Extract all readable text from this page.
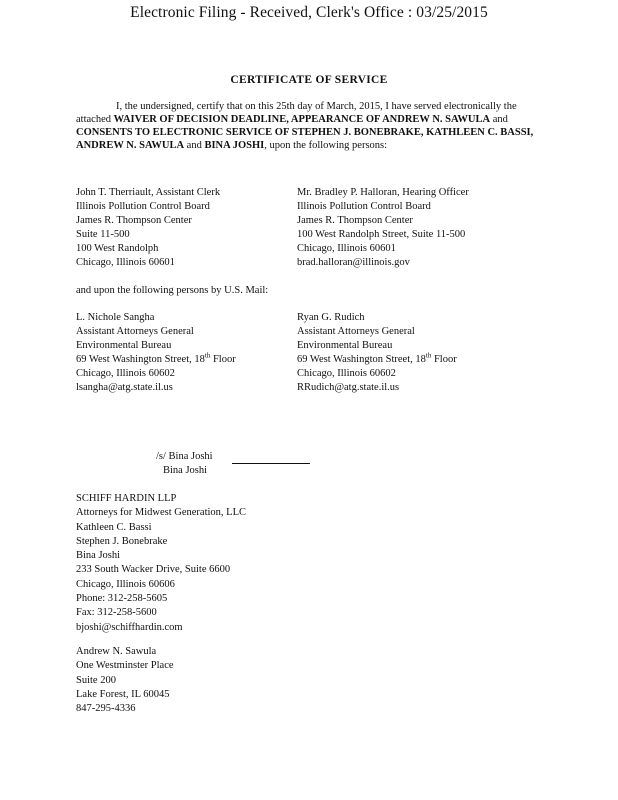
Electronic Filing - Received, Clerk's Office : 03/25/2015
CERTIFICATE OF SERVICE

I, the undersigned, certify that on this 25th day of March, 2015, I have served electronically the attached WAIVER OF DECISION DEADLINE, APPEARANCE OF ANDREW N. SAWULA and CONSENTS TO ELECTRONIC SERVICE OF STEPHEN J. BONEBRAKE, KATHLEEN C. BASSI, ANDREW N. SAWULA and BINA JOSHI, upon the following persons:

John T. Therriault, Assistant Clerk
Illinois Pollution Control Board
James R. Thompson Center
Suite 11-500
100 West Randolph
Chicago, Illinois 60601
Mr. Bradley P. Halloran, Hearing Officer
Illinois Pollution Control Board
James R. Thompson Center
100 West Randolph Street, Suite 11-500
Chicago, Illinois 60601
brad.halloran@illinois.gov
and upon the following persons by U.S. Mail:
L. Nichole Sangha
Assistant Attorneys General
Environmental Bureau
69 West Washington Street, 18th Floor
Chicago, Illinois 60602
lsangha@atg.state.il.us
Ryan G. Rudich
Assistant Attorneys General
Environmental Bureau
69 West Washington Street, 18th Floor
Chicago, Illinois 60602
RRudich@atg.state.il.us
/s/ Bina Joshi
Bina Joshi
SCHIFF HARDIN LLP
Attorneys for Midwest Generation, LLC
Kathleen C. Bassi
Stephen J. Bonebrake
Bina Joshi
233 South Wacker Drive, Suite 6600
Chicago, Illinois 60606
Phone: 312-258-5605
Fax: 312-258-5600
bjoshi@schiffhardin.com
Andrew N. Sawula
One Westminster Place
Suite 200
Lake Forest, IL 60045
847-295-4336
